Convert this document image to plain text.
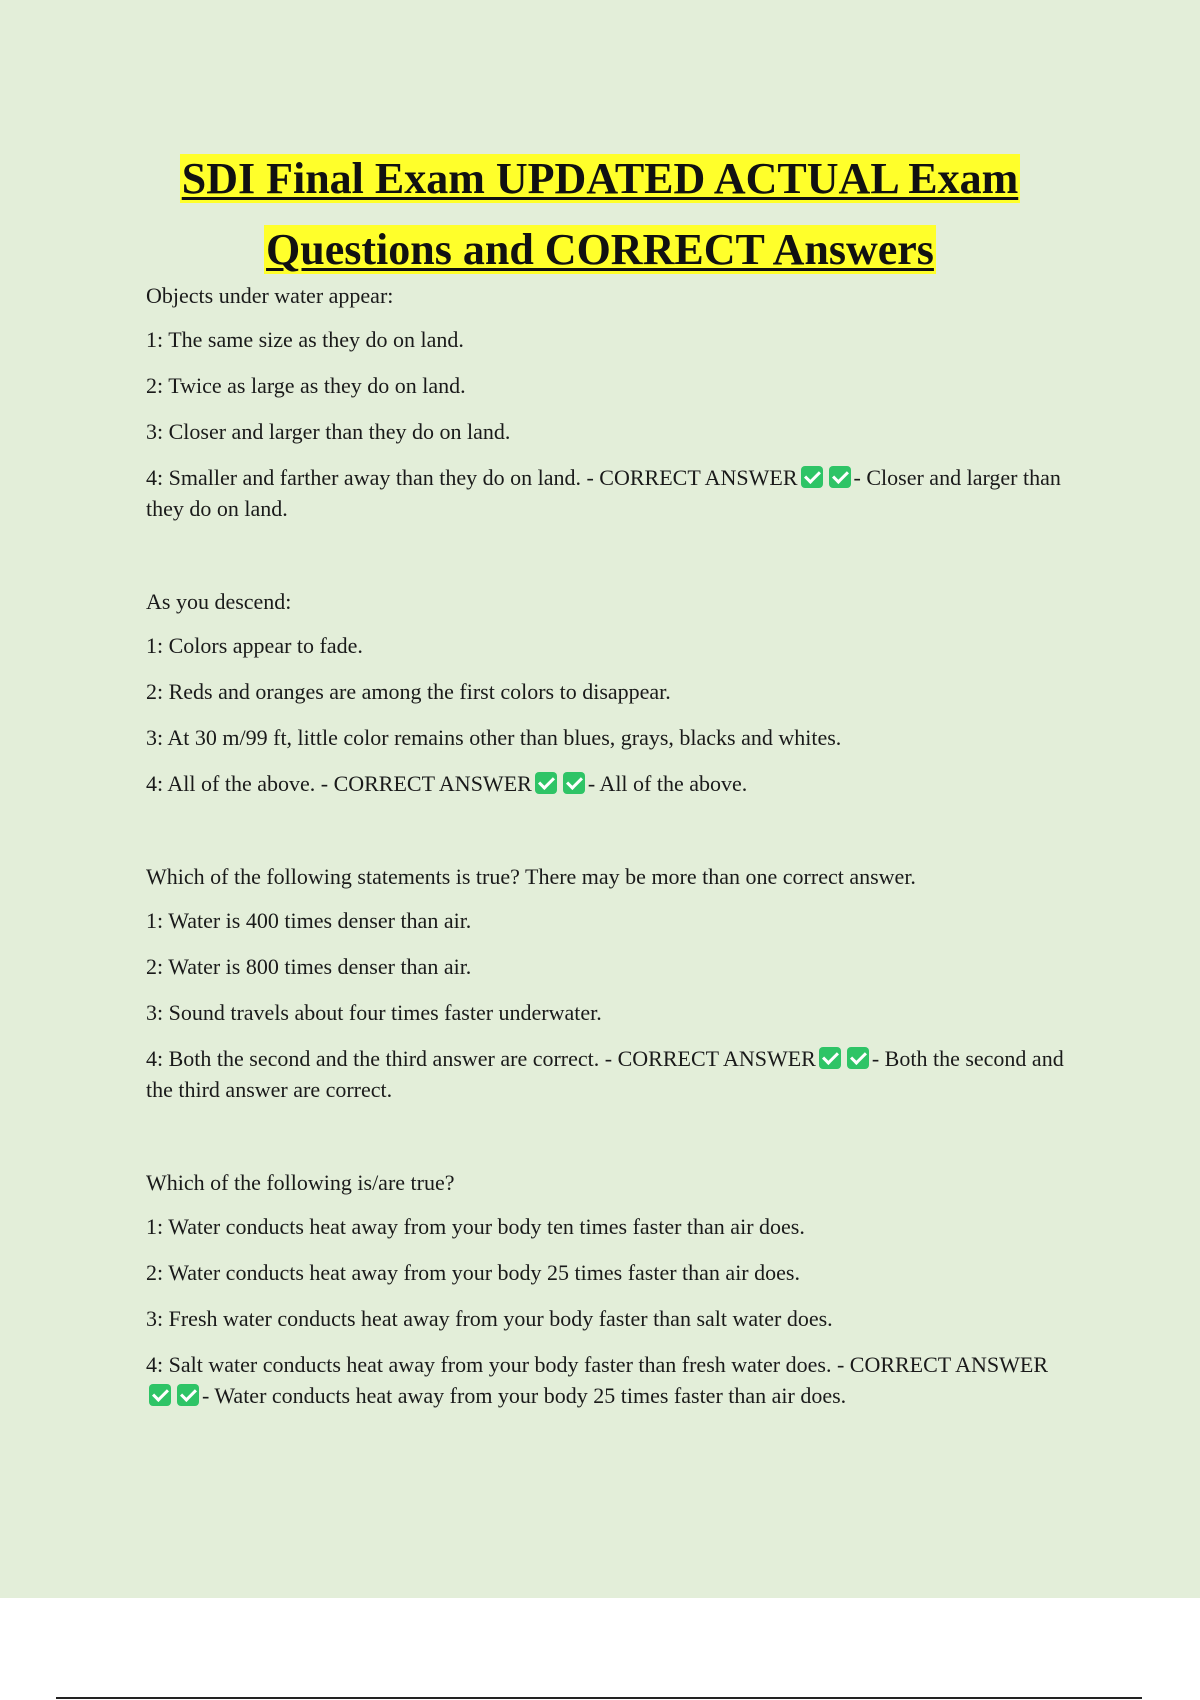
SDI Final Exam UPDATED ACTUAL Exam
Questions and CORRECT Answers
Objects under water appear:
1: The same size as they do on land.
2: Twice as large as they do on land.
3: Closer and larger than they do on land.
4: Smaller and farther away than they do on land. - CORRECT ANSWER	- Closer and larger than they do on land.
As you descend:
1: Colors appear to fade.
2: Reds and oranges are among the first colors to disappear.
3: At 30 m/99 ft, little color remains other than blues, grays, blacks and whites.
4: All of the above. - CORRECT ANSWER	- All of the above.
Which of the following statements is true? There may be more than one correct answer.
1: Water is 400 times denser than air.
2: Water is 800 times denser than air.
3: Sound travels about four times faster underwater.
4: Both the second and the third answer are correct. - CORRECT ANSWER	- Both the second and the third answer are correct.
Which of the following is/are true?
1: Water conducts heat away from your body ten times faster than air does.
2: Water conducts heat away from your body 25 times faster than air does.
3: Fresh water conducts heat away from your body faster than salt water does.
4: Salt water conducts heat away from your body faster than fresh water does. - CORRECT ANSWER- Water conducts heat away from your body 25 times faster than air does.
